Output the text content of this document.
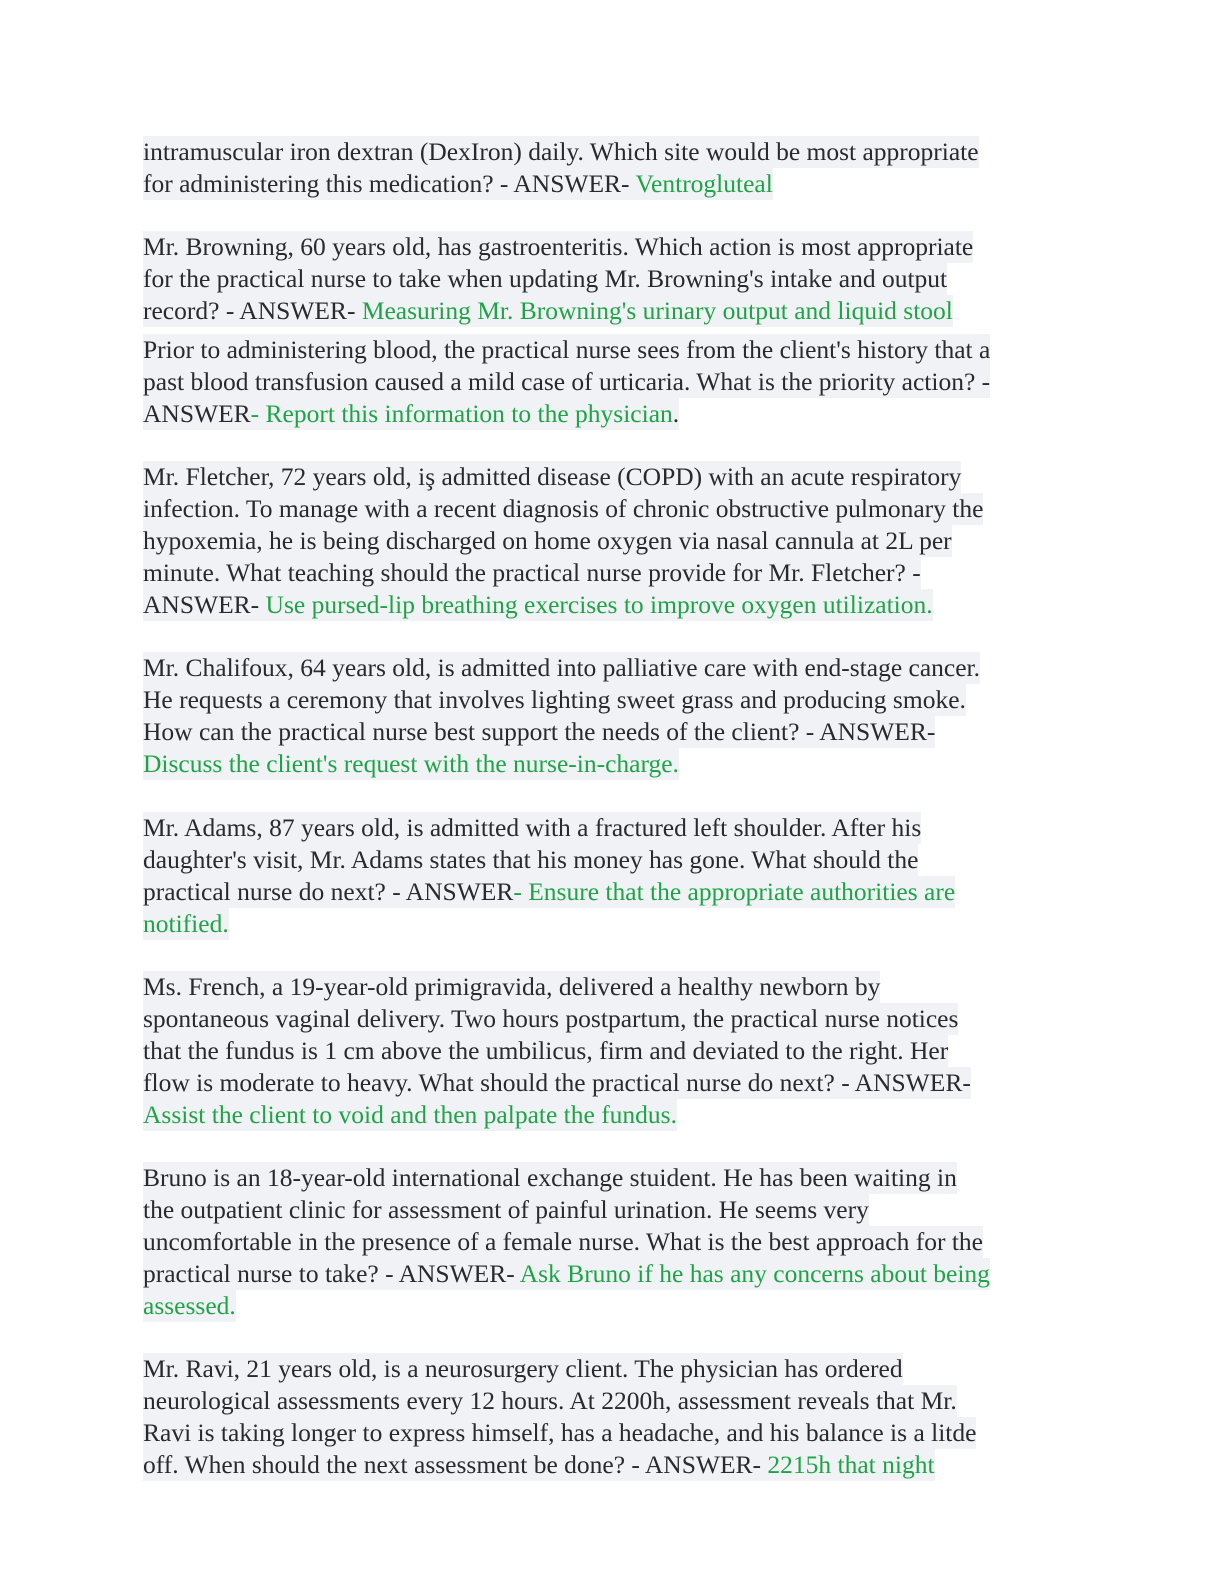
intramuscular iron dextran (DexIron) daily. Which site would be most appropriate
for administering this medication? - ANSWER- Ventrogluteal
Mr. Browning, 60 years old, has gastroenteritis. Which action is most appropriate
for the practical nurse to take when updating Mr. Browning's intake and output
record? - ANSWER- Measuring Mr. Browning's urinary output and liquid stool
Prior to administering blood, the practical nurse sees from the client's history that a
past blood transfusion caused a mild case of urticaria. What is the priority action? -
ANSWER- Report this information to the physician.
Mr. Fletcher, 72 years old, iş admitted disease (COPD) with an acute respiratory
infection. To manage with a recent diagnosis of chronic obstructive pulmonary the
hypoxemia, he is being discharged on home oxygen via nasal cannula at 2L per
minute. What teaching should the practical nurse provide for Mr. Fletcher? -
ANSWER- Use pursed-lip breathing exercises to improve oxygen utilization.
Mr. Chalifoux, 64 years old, is admitted into palliative care with end-stage cancer.
He requests a ceremony that involves lighting sweet grass and producing smoke.
How can the practical nurse best support the needs of the client? - ANSWER-
Discuss the client's request with the nurse-in-charge.
Mr. Adams, 87 years old, is admitted with a fractured left shoulder. After his
daughter's visit, Mr. Adams states that his money has gone. What should the
practical nurse do next? - ANSWER- Ensure that the appropriate authorities are
notified.
Ms. French, a 19-year-old primigravida, delivered a healthy newborn by
spontaneous vaginal delivery. Two hours postpartum, the practical nurse notices
that the fundus is 1 cm above the umbilicus, firm and deviated to the right. Her
flow is moderate to heavy. What should the practical nurse do next? - ANSWER-
Assist the client to void and then palpate the fundus.
Bruno is an 18-year-old international exchange stuident. He has been waiting in
the outpatient clinic for assessment of painful urination. He seems very
uncomfortable in the presence of a female nurse. What is the best approach for the
practical nurse to take? - ANSWER- Ask Bruno if he has any concerns about being
assessed.
Mr. Ravi, 21 years old, is a neurosurgery client. The physician has ordered
neurological assessments every 12 hours. At 2200h, assessment reveals that Mr.
Ravi is taking longer to express himself, has a headache, and his balance is a litde
off. When should the next assessment be done? - ANSWER- 2215h that night
